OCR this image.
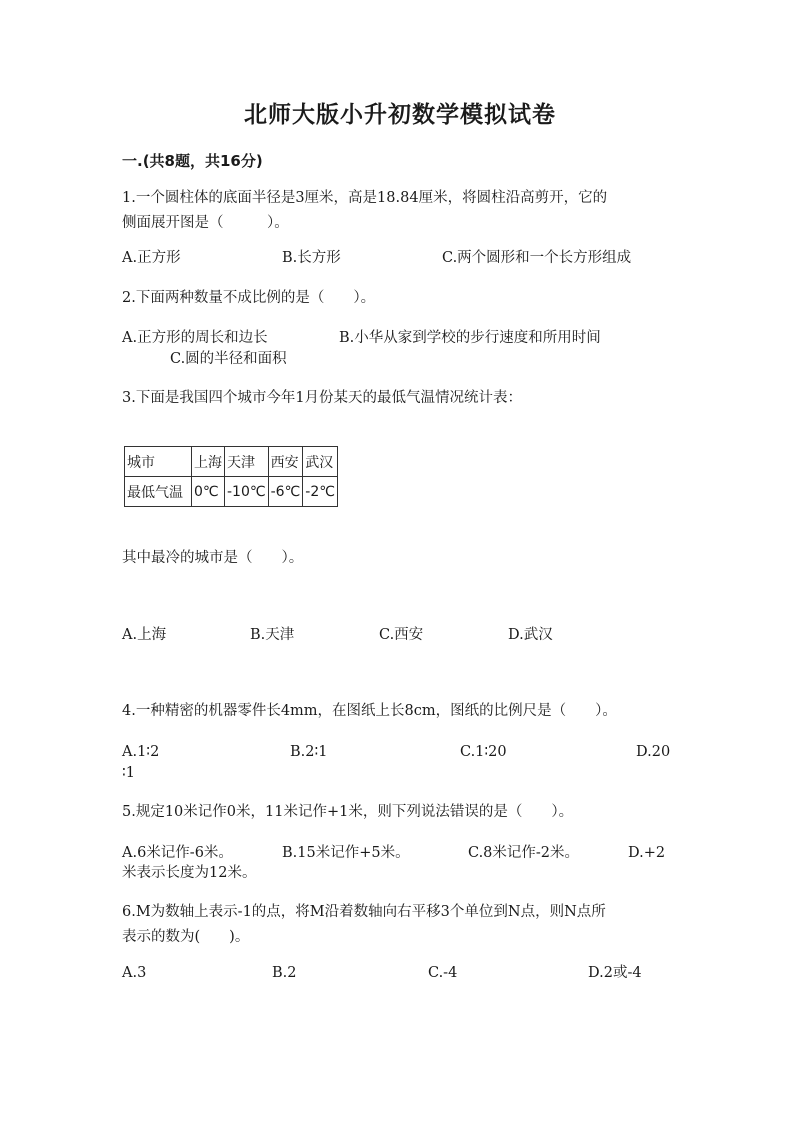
北师大版小升初数学模拟试卷
一.(共8题，共16分)
1.一个圆柱体的底面半径是3厘米，高是18.84厘米，将圆柱沿高剪开，它的
侧面展开图是（　　　）。
A.正方形	B.长方形	C.两个圆形和一个长方形组成
2.下面两种数量不成比例的是（　　）。
A.正方形的周长和边长	B.小华从家到学校的步行速度和所用时间
C.圆的半径和面积
3.下面是我国四个城市今年1月份某天的最低气温情况统计表：
城市	上海	天津	西安	武汉
最低气温	0℃	-10℃	-6℃	-2℃
其中最冷的城市是（　　）。
A.上海	B.天津	C.西安	D.武汉
4.一种精密的机器零件长4mm，在图纸上长8cm，图纸的比例尺是（　　）。
A.1∶2	B.2∶1	C.1∶20	D.20
∶1
5.规定10米记作0米，11米记作+1米，则下列说法错误的是（　　）。
A.6米记作-6米。	B.15米记作+5米。	C.8米记作-2米。	D.+2
米表示长度为12米。
6.M为数轴上表示-1的点，将M沿着数轴向右平移3个单位到N点，则N点所
表示的数为(　　)。
A.3	B.2	C.-4	D.2或-4
